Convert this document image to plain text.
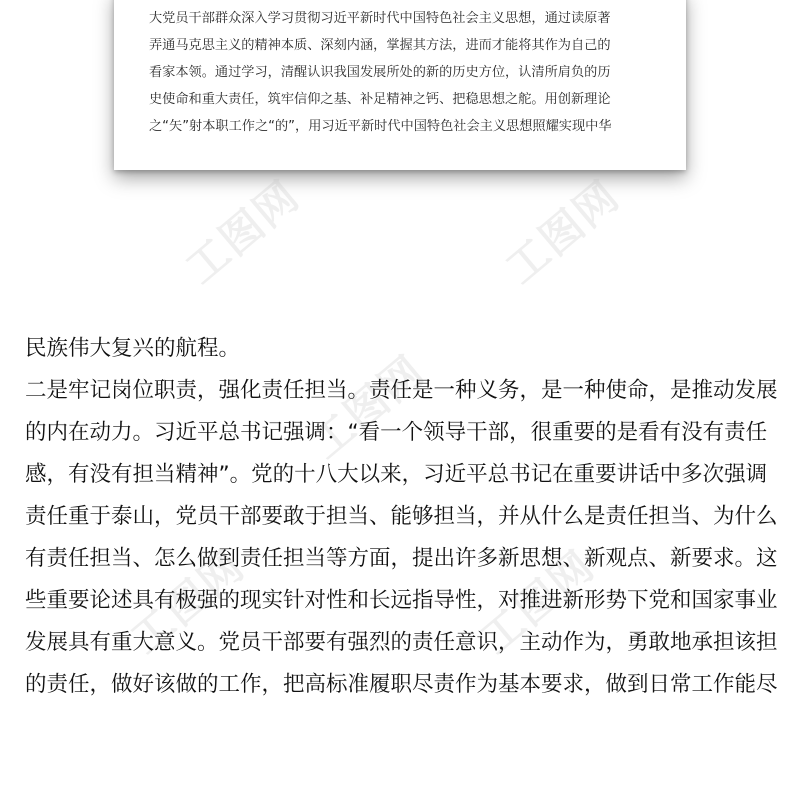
大党员干部群众深入学习贯彻习近平新时代中国特色社会主义思想，通过读原著
弄通马克思主义的精神本质、深刻内涵，掌握其方法，进而才能将其作为自己的
看家本领。通过学习，清醒认识我国发展所处的新的历史方位，认清所肩负的历
史使命和重大责任，筑牢信仰之基、补足精神之钙、把稳思想之舵。用创新理论
之“矢”射本职工作之“的”，用习近平新时代中国特色社会主义思想照耀实现中华
工图网	工图网
工图网
工图网	工图网
民族伟大复兴的航程。
二是牢记岗位职责，强化责任担当。责任是一种义务，是一种使命，是推动发展
的内在动力。习近平总书记强调：“看一个领导干部，很重要的是看有没有责任
感，有没有担当精神”。党的十八大以来，习近平总书记在重要讲话中多次强调
责任重于泰山，党员干部要敢于担当、能够担当，并从什么是责任担当、为什么
有责任担当、怎么做到责任担当等方面，提出许多新思想、新观点、新要求。这
些重要论述具有极强的现实针对性和长远指导性，对推进新形势下党和国家事业
发展具有重大意义。党员干部要有强烈的责任意识，主动作为，勇敢地承担该担
的责任，做好该做的工作，把高标准履职尽责作为基本要求，做到日常工作能尽
